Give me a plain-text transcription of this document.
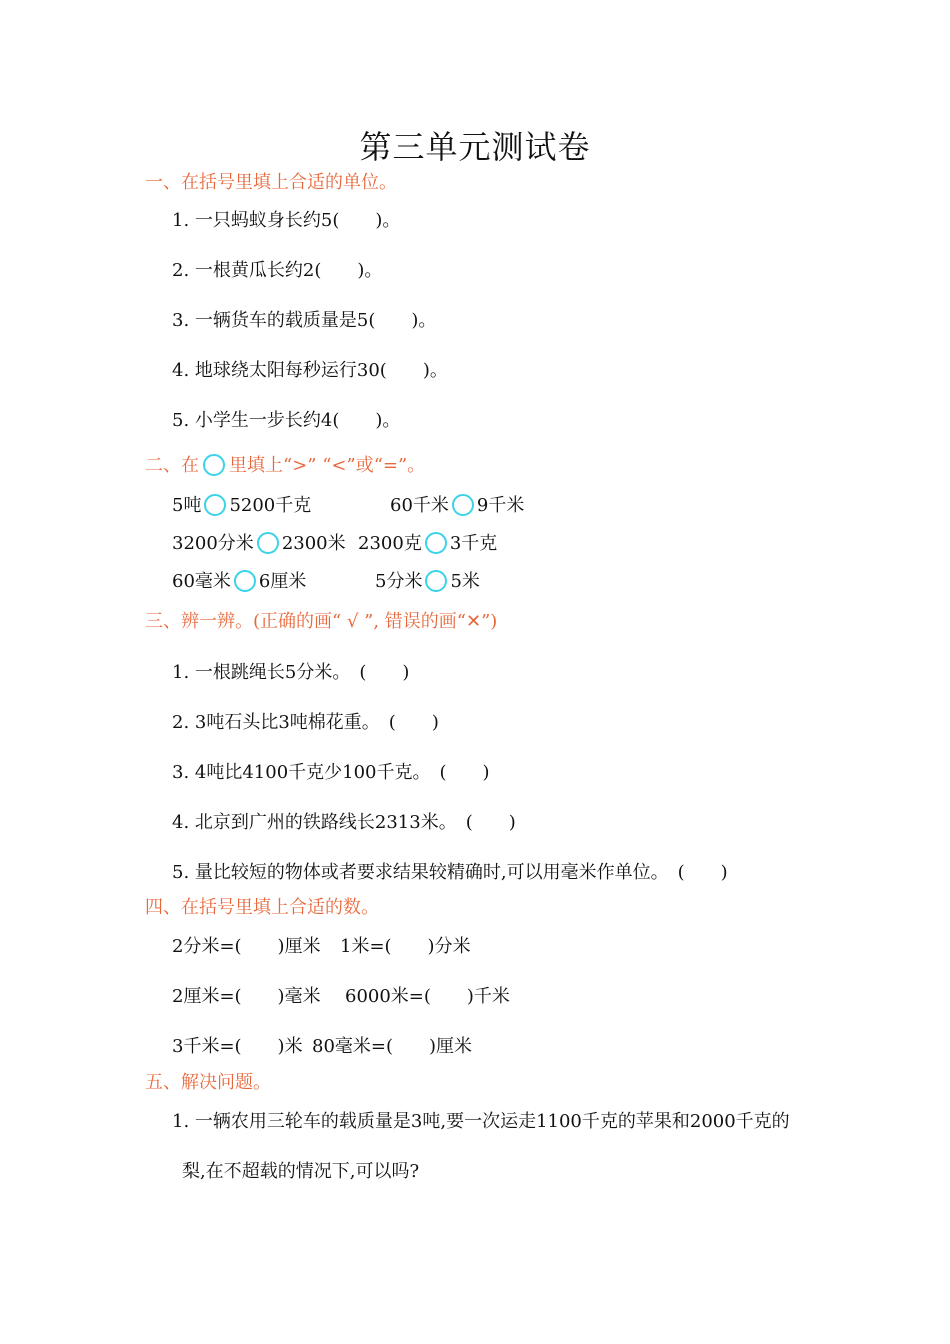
第三单元测试卷
一、在括号里填上合适的单位。
1. 一只蚂蚁身长约5(　　)。
2. 一根黄瓜长约2(　　)。
3. 一辆货车的载质量是5(　　)。
4. 地球绕太阳每秒运行30(　　)。
5. 小学生一步长约4(　　)。
二、在 里填上“>” “<”或“=”。
5吨 5200千克	60千米 9千米
3200分米 2300米 2300克 3千克
60毫米 6厘米	5分米 5米
三、辨一辨。(正确的画“ √ ”, 错误的画“✕”)
1. 一根跳绳长5分米。　(　　)
2. 3吨石头比3吨棉花重。　(　　)
3. 4吨比4100千克少100千克。　(　　)
4. 北京到广州的铁路线长2313米。　(　　)
5. 量比较短的物体或者要求结果较精确时,可以用毫米作单位。　(　　)
四、在括号里填上合适的数。
2分米=(　　)厘米 1米=(　　)分米
2厘米=(　　)毫米 6000米=(　　)千米
3千米=(　　)米 80毫米=(　　)厘米
五、解决问题。
1. 一辆农用三轮车的载质量是3吨,要一次运走1100千克的苹果和2000千克的
梨,在不超载的情况下,可以吗?
